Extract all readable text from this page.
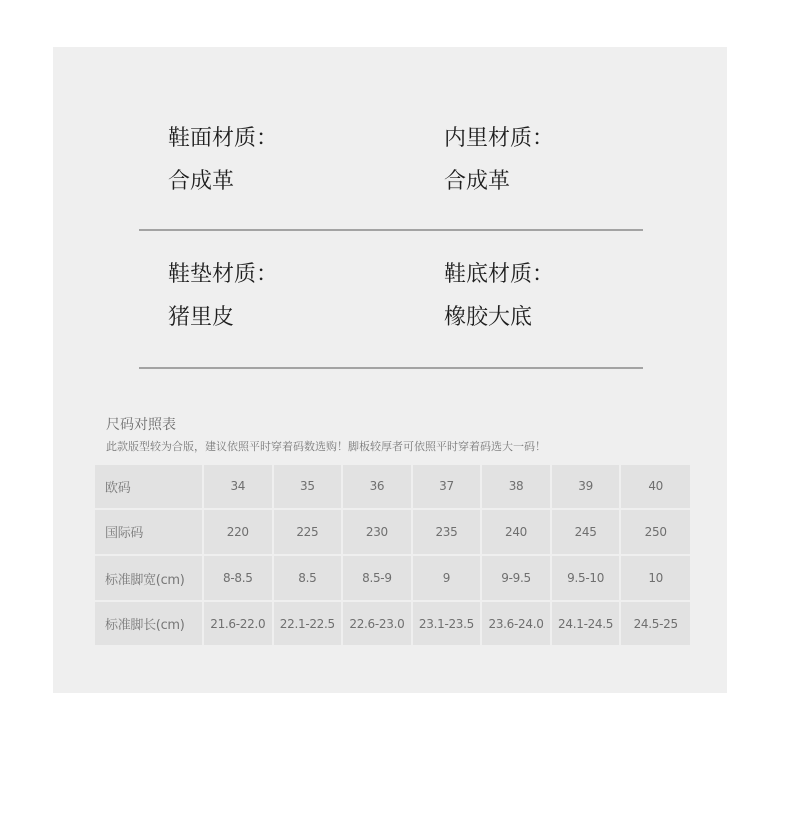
鞋面材质：
合成革
内里材质：
合成革
鞋垫材质：
猪里皮
鞋底材质：
橡胶大底
尺码对照表
此款版型较为合版，建议依照平时穿着码数选购！脚板较厚者可依照平时穿着码选大一码！
欧码	34	35	36	37	38	39	40
国际码	220	225	230	235	240	245	250
标准脚宽(cm)	8-8.5	8.5	8.5-9	9	9-9.5	9.5-10	10
标准脚长(cm)	21.6-22.0	22.1-22.5	22.6-23.0	23.1-23.5	23.6-24.0	24.1-24.5	24.5-25
